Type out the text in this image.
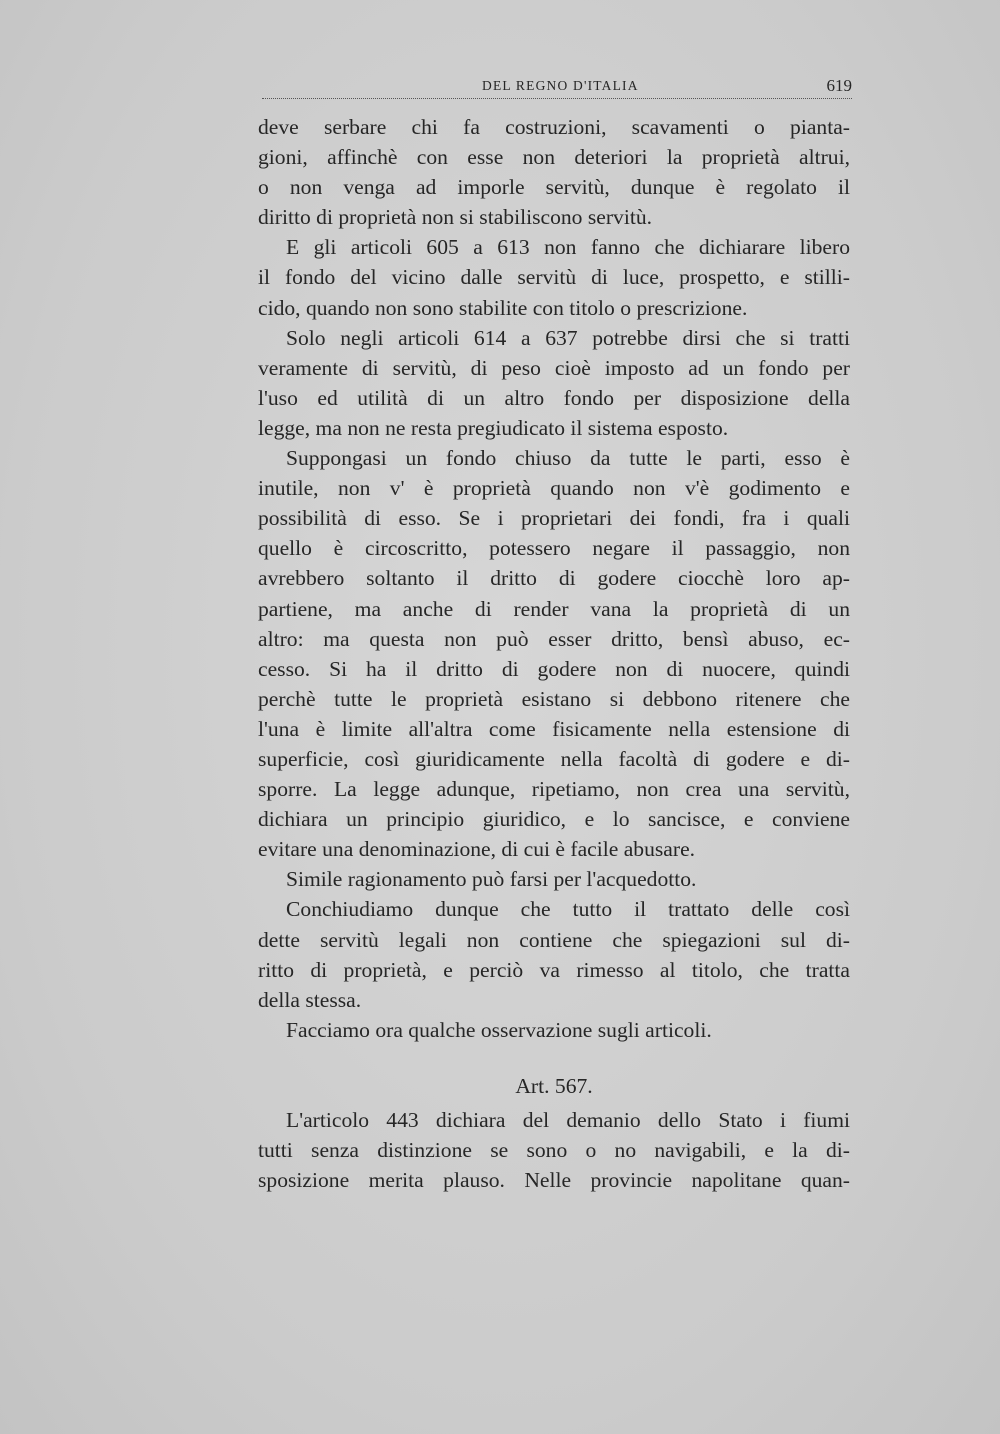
DEL REGNO D'ITALIA	619
deve serbare chi fa costruzioni, scavamenti o pianta-
gioni, affinchè con esse non deteriori la proprietà altrui,
o non venga ad imporle servitù, dunque è regolato il
diritto di proprietà non si stabiliscono servitù.
E gli articoli 605 a 613 non fanno che dichiarare libero
il fondo del vicino dalle servitù di luce, prospetto, e stilli-
cido, quando non sono stabilite con titolo o prescrizione.
Solo negli articoli 614 a 637 potrebbe dirsi che si tratti
veramente di servitù, di peso cioè imposto ad un fondo per
l'uso ed utilità di un altro fondo per disposizione della
legge, ma non ne resta pregiudicato il sistema esposto.
Suppongasi un fondo chiuso da tutte le parti, esso è
inutile, non v' è proprietà quando non v'è godimento e
possibilità di esso. Se i proprietari dei fondi, fra i quali
quello è circoscritto, potessero negare il passaggio, non
avrebbero soltanto il dritto di godere ciocchè loro ap-
partiene, ma anche di render vana la proprietà di un
altro: ma questa non può esser dritto, bensì abuso, ec-
cesso. Si ha il dritto di godere non di nuocere, quindi
perchè tutte le proprietà esistano si debbono ritenere che
l'una è limite all'altra come fisicamente nella estensione di
superficie, così giuridicamente nella facoltà di godere e di-
sporre. La legge adunque, ripetiamo, non crea una servitù,
dichiara un principio giuridico, e lo sancisce, e conviene
evitare una denominazione, di cui è facile abusare.
Simile ragionamento può farsi per l'acquedotto.
Conchiudiamo dunque che tutto il trattato delle così
dette servitù legali non contiene che spiegazioni sul di-
ritto di proprietà, e perciò va rimesso al titolo, che tratta
della stessa.
Facciamo ora qualche osservazione sugli articoli.
Art. 567.
L'articolo 443 dichiara del demanio dello Stato i fiumi
tutti senza distinzione se sono o no navigabili, e la di-
sposizione merita plauso. Nelle provincie napolitane quan-
